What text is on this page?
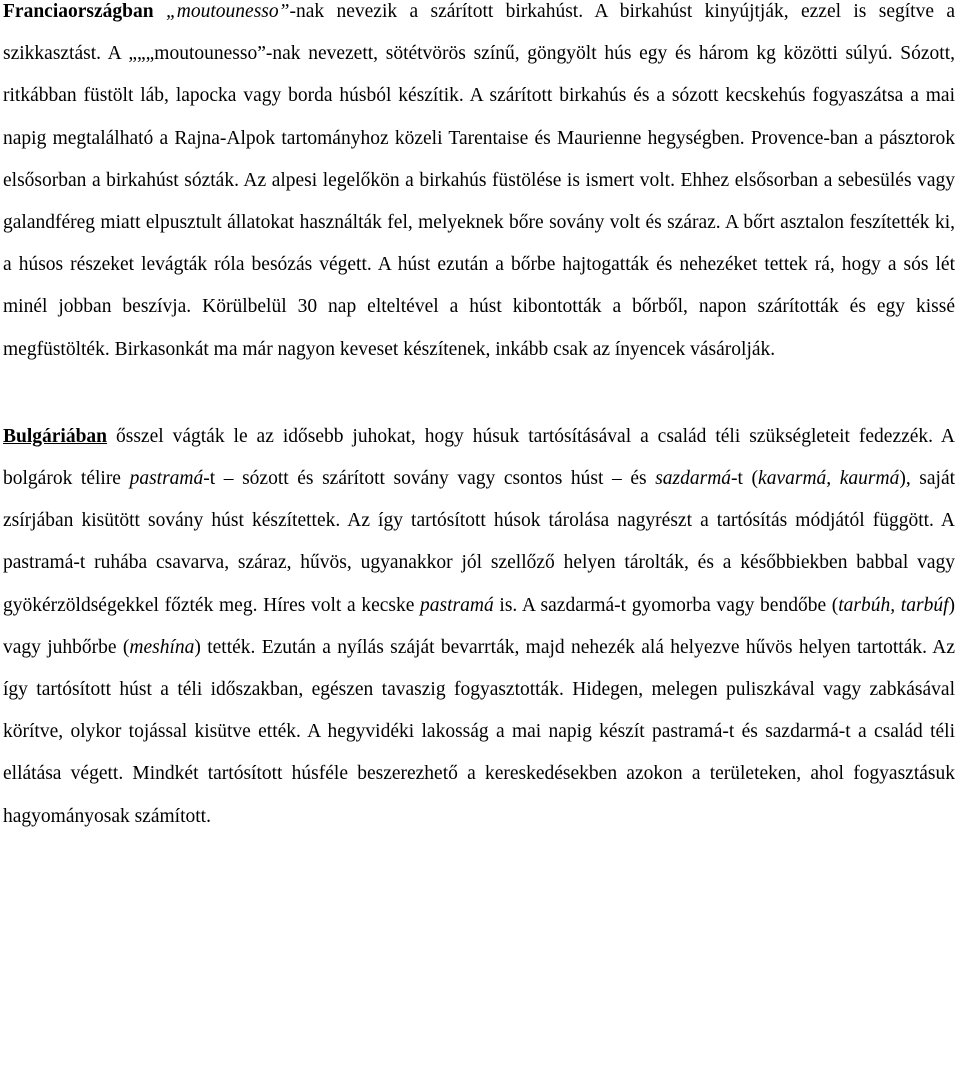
Franciaországban „moutounesso”-nak nevezik a szárított birkahúst. A birkahúst kinyújtják, ezzel is segítve a szikkasztást. A „„„moutounesso”-nak nevezett, sötétvörös színű, göngyölt hús egy és három kg közötti súlyú. Sózott, ritkábban füstölt láb, lapocka vagy borda húsból készítik. A szárított birkahús és a sózott kecskehús fogyaszátsa a mai napig megtalálható a Rajna-Alpok tartományhoz közeli Tarentaise és Maurienne hegységben. Provence-ban a pásztorok elsősorban a birkahúst sózták. Az alpesi legelőkön a birkahús füstölése is ismert volt. Ehhez elsősorban a sebesülés vagy galandféreg miatt elpusztult állatokat használták fel, melyeknek bőre sovány volt és száraz. A bőrt asztalon feszítették ki, a húsos részeket levágták róla besózás végett. A húst ezután a bőrbe hajtogatták és nehezéket tettek rá, hogy a sós lét minél jobban beszívja. Körülbelül 30 nap elteltével a húst kibontották a bőrből, napon szárították és egy kissé megfüstölték. Birkasonkát ma már nagyon keveset készítenek, inkább csak az ínyencek vásárolják.

Bulgáriában ősszel vágták le az idősebb juhokat, hogy húsuk tartósításával a család téli szükségleteit fedezzék. A bolgárok télire pastramá-t – sózott és szárított sovány vagy csontos húst – és sazdarmá-t (kavarmá, kaurmá), saját zsírjában kisütött sovány húst készítettek. Az így tartósított húsok tárolása nagyrészt a tartósítás módjától függött. A pastramá-t ruhába csavarva, száraz, hűvös, ugyanakkor jól szellőző helyen tárolták, és a későbbiekben babbal vagy gyökérzöldségekkel főzték meg. Híres volt a kecske pastramá is. A sazdarmá-t gyomorba vagy bendőbe (tarbúh, tarbúf) vagy juhbőrbe (meshína) tették. Ezután a nyílás száját bevarrták, majd nehezék alá helyezve hűvös helyen tartották. Az így tartósított húst a téli időszakban, egészen tavaszig fogyasztották. Hidegen, melegen puliszkával vagy zabkásával körítve, olykor tojással kisütve ették. A hegyvidéki lakosság a mai napig készít pastramá-t és sazdarmá-t a család téli ellátása végett. Mindkét tartósított húsféle beszerezhető a kereskedésekben azokon a területeken, ahol fogyasztásuk hagyományosak számított.
